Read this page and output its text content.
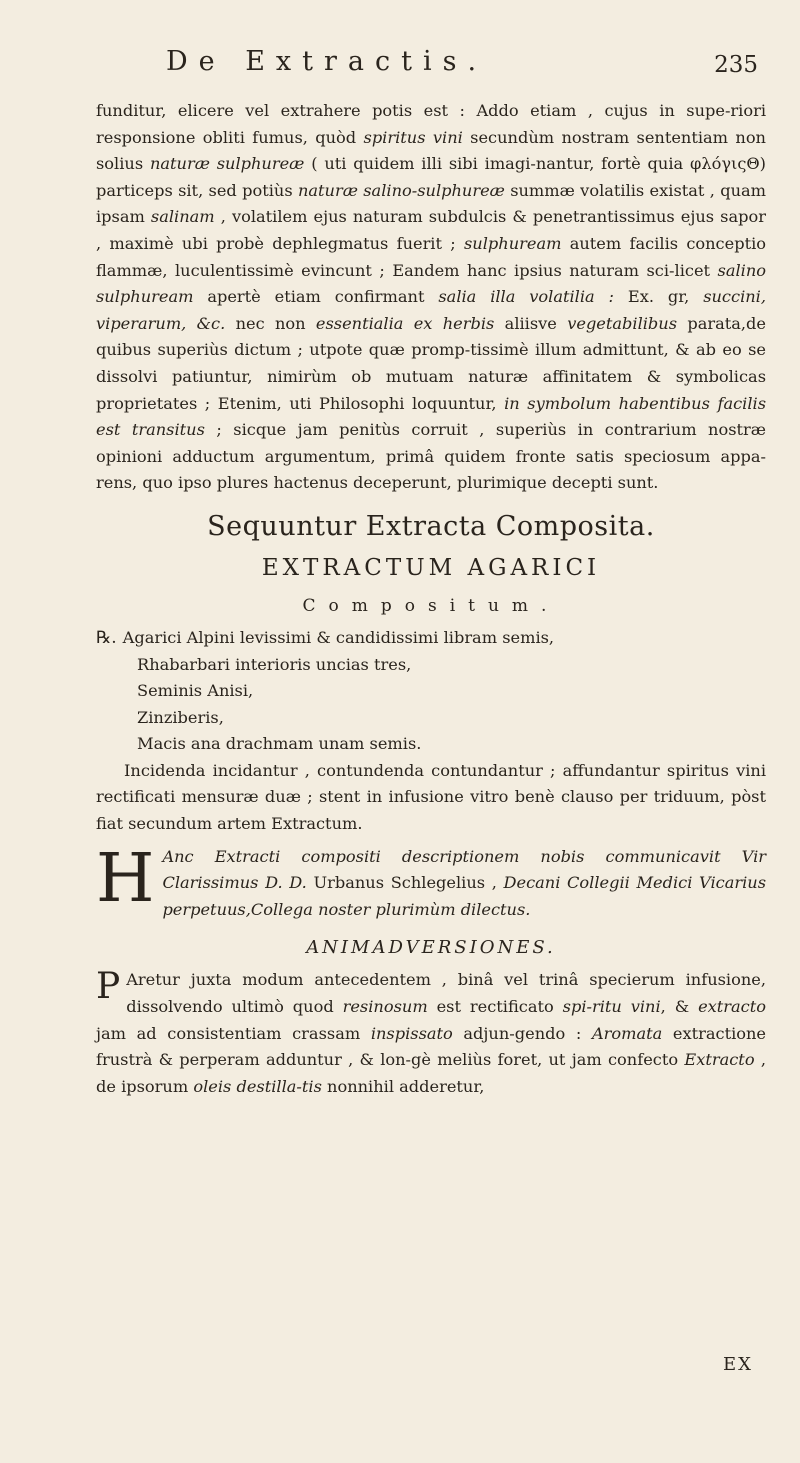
De Extractis.	235

funditur, elicere vel extrahere potis est : Addo etiam , cujus in supe-riori responsione obliti fumus, quòd spiritus vini secundùm nostram sententiam non solius naturæ sulphureæ ( uti quidem illi sibi imagi-nantur, fortè quia φλόγιςΘ) particeps sit, sed potiùs naturæ salino-sulphureæ summæ volatilis existat , quam ipsam salinam , volatilem ejus naturam subdulcis & penetrantissimus ejus sapor , maximè ubi probè dephlegmatus fuerit ; sulphuream autem facilis conceptio flammæ, luculentissimè evincunt ; Eandem hanc ipsius naturam sci-licet salino sulphuream apertè etiam confirmant salia illa volatilia : Ex. gr, succini, viperarum, &c. nec non essentialia ex herbis aliisve vegetabilibus parata,de quibus superiùs dictum ; utpote quæ promp-tissimè illum admittunt, & ab eo se dissolvi patiuntur, nimirùm ob mutuam naturæ affinitatem & symbolicas proprietates ; Etenim, uti Philosophi loquuntur, in symbolum habentibus facilis est transitus ; sicque jam penitùs corruit , superiùs in contrarium nostræ opinioni adductum argumentum, primâ quidem fronte satis speciosum appa-rens, quo ipso plures hactenus deceperunt, plurimique decepti sunt.

Sequuntur Extracta Composita.
EXTRACTUM AGARICI
Compositum.
℞. Agarici Alpini levissimi & candidissimi libram semis,
Rhabarbari interioris uncias tres,
Seminis Anisi,
Zinziberis,
Macis ana drachmam unam semis.

Incidenda incidantur , contundenda contundantur ; affundantur spiritus vini rectificati mensuræ duæ ; stent in infusione vitro benè clauso per triduum, pòst fiat secundum artem Extractum.

H Anc Extracti compositi descriptionem nobis communicavit Vir Clarissimus D. D. Urbanus Schlegelius , Decani Collegii Medici Vicarius perpetuus,Collega noster plurimùm dilectus.

ANIMADVERSIONES.

P Aretur juxta modum antecedentem , binâ vel trinâ specierum infusione, dissolvendo ultimò quod resinosum est rectificato spi-ritu vini, & extracto jam ad consistentiam crassam inspissato adjun-gendo : Aromata extractione frustrà & perperam adduntur , & lon-gè meliùs foret, ut jam confecto Extracto , de ipsorum oleis destilla-tis nonnihil adderetur,

EX
